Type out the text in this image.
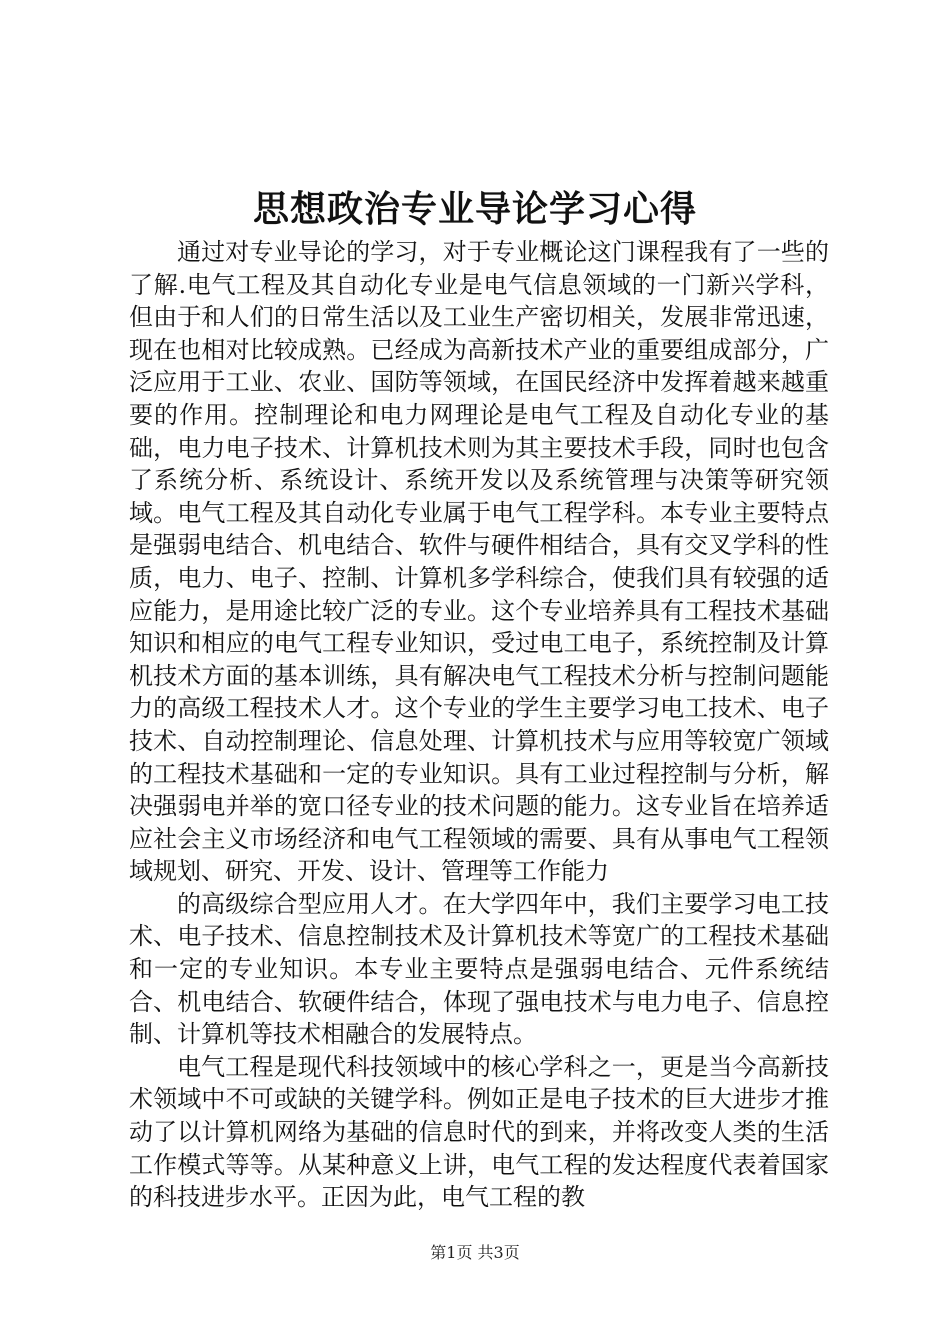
思想政治专业导论学习心得

通过对专业导论的学习，对于专业概论这门课程我有了一些的了解.电气工程及其自动化专业是电气信息领域的一门新兴学科，但由于和人们的日常生活以及工业生产密切相关，发展非常迅速，现在也相对比较成熟。已经成为高新技术产业的重要组成部分，广泛应用于工业、农业、国防等领域，在国民经济中发挥着越来越重要的作用。控制理论和电力网理论是电气工程及自动化专业的基础，电力电子技术、计算机技术则为其主要技术手段，同时也包含了系统分析、系统设计、系统开发以及系统管理与决策等研究领域。电气工程及其自动化专业属于电气工程学科。本专业主要特点是强弱电结合、机电结合、软件与硬件相结合，具有交叉学科的性质，电力、电子、控制、计算机多学科综合，使我们具有较强的适应能力，是用途比较广泛的专业。这个专业培养具有工程技术基础知识和相应的电气工程专业知识，受过电工电子，系统控制及计算机技术方面的基本训练，具有解决电气工程技术分析与控制问题能力的高级工程技术人才。这个专业的学生主要学习电工技术、电子技术、自动控制理论、信息处理、计算机技术与应用等较宽广领域的工程技术基础和一定的专业知识。具有工业过程控制与分析，解决强弱电并举的宽口径专业的技术问题的能力。这专业旨在培养适应社会主义市场经济和电气工程领域的需要、具有从事电气工程领域规划、研究、开发、设计、管理等工作能力

的高级综合型应用人才。在大学四年中，我们主要学习电工技术、电子技术、信息控制技术及计算机技术等宽广的工程技术基础和一定的专业知识。本专业主要特点是强弱电结合、元件系统结合、机电结合、软硬件结合，体现了强电技术与电力电子、信息控制、计算机等技术相融合的发展特点。

电气工程是现代科技领域中的核心学科之一，更是当今高新技术领域中不可或缺的关键学科。例如正是电子技术的巨大进步才推动了以计算机网络为基础的信息时代的到来，并将改变人类的生活工作模式等等。从某种意义上讲，电气工程的发达程度代表着国家的科技进步水平。正因为此，电气工程的教

第1页 共3页
